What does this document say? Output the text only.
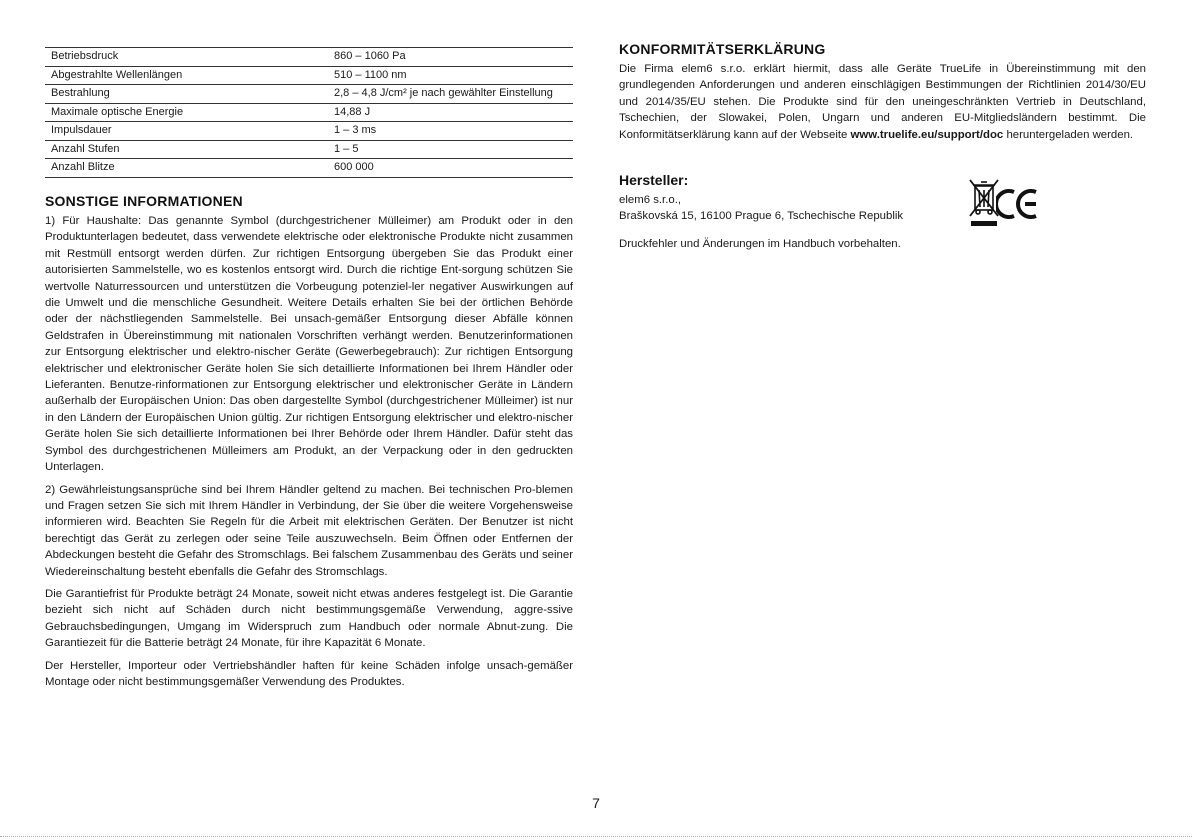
Betriebsdruck	860 – 1060 Pa
Abgestrahlte Wellenlängen	510 – 1100 nm
Bestrahlung	2,8 – 4,8 J/cm² je nach gewählter Einstellung
Maximale optische Energie	14,88 J
Impulsdauer	1 – 3 ms
Anzahl Stufen	1 – 5
Anzahl Blitze	600 000
SONSTIGE INFORMATIONEN

1) Für Haushalte: Das genannte Symbol (durchgestrichener Mülleimer) am Produkt oder in den Produktunterlagen bedeutet, dass verwendete elektrische oder elektronische Produkte nicht zusammen mit Restmüll entsorgt werden dürfen. Zur richtigen Entsorgung übergeben Sie das Produkt einer autorisierten Sammelstelle, wo es kostenlos entsorgt wird. Durch die richtige Ent-sorgung schützen Sie wertvolle Naturressourcen und unterstützen die Vorbeugung potenziel-ler negativer Auswirkungen auf die Umwelt und die menschliche Gesundheit. Weitere Details erhalten Sie bei der örtlichen Behörde oder der nächstliegenden Sammelstelle. Bei unsach-gemäßer Entsorgung dieser Abfälle können Geldstrafen in Übereinstimmung mit nationalen Vorschriften verhängt werden. Benutzerinformationen zur Entsorgung elektrischer und elektro-nischer Geräte (Gewerbegebrauch): Zur richtigen Entsorgung elektrischer und elektronischer Geräte holen Sie sich detaillierte Informationen bei Ihrem Händler oder Lieferanten. Benutze-rinformationen zur Entsorgung elektrischer und elektronischer Geräte in Ländern außerhalb der Europäischen Union: Das oben dargestellte Symbol (durchgestrichener Mülleimer) ist nur in den Ländern der Europäischen Union gültig. Zur richtigen Entsorgung elektrischer und elektro-nischer Geräte holen Sie sich detaillierte Informationen bei Ihrer Behörde oder Ihrem Händler. Dafür steht das Symbol des durchgestrichenen Mülleimers am Produkt, an der Verpackung oder in den gedruckten Unterlagen.

2) Gewährleistungsansprüche sind bei Ihrem Händler geltend zu machen. Bei technischen Pro-blemen und Fragen setzen Sie sich mit Ihrem Händler in Verbindung, der Sie über die weitere Vorgehensweise informieren wird. Beachten Sie Regeln für die Arbeit mit elektrischen Geräten. Der Benutzer ist nicht berechtigt das Gerät zu zerlegen oder seine Teile auszuwechseln. Beim Öffnen oder Entfernen der Abdeckungen besteht die Gefahr des Stromschlags. Bei falschem Zusammenbau des Geräts und seiner Wiedereinschaltung besteht ebenfalls die Gefahr des Stromschlags.

Die Garantiefrist für Produkte beträgt 24 Monate, soweit nicht etwas anderes festgelegt ist. Die Garantie bezieht sich nicht auf Schäden durch nicht bestimmungsgemäße Verwendung, aggre-ssive Gebrauchsbedingungen, Umgang im Widerspruch zum Handbuch oder normale Abnut-zung. Die Garantiezeit für die Batterie beträgt 24 Monate, für ihre Kapazität 6 Monate.

Der Hersteller, Importeur oder Vertriebshändler haften für keine Schäden infolge unsach-gemäßer Montage oder nicht bestimmungsgemäßer Verwendung des Produktes.

KONFORMITÄTSERKLÄRUNG
Die Firma elem6 s.r.o. erklärt hiermit, dass alle Geräte TrueLife in Übereinstimmung mit den grundlegenden Anforderungen und anderen einschlägigen Bestimmungen der Richtlinien 2014/30/EU und 2014/35/EU stehen. Die Produkte sind für den uneingeschränkten Vertrieb in Deutschland, Tschechien, der Slowakei, Polen, Ungarn und anderen EU-Mitgliedsländern bestimmt. Die Konformitätserklärung kann auf der Webseite www.truelife.eu/support/doc heruntergeladen werden.
Hersteller:
elem6 s.r.o.,
Braškovská 15, 16100 Prague 6, Tschechische Republik
Druckfehler und Änderungen im Handbuch vorbehalten.
7
